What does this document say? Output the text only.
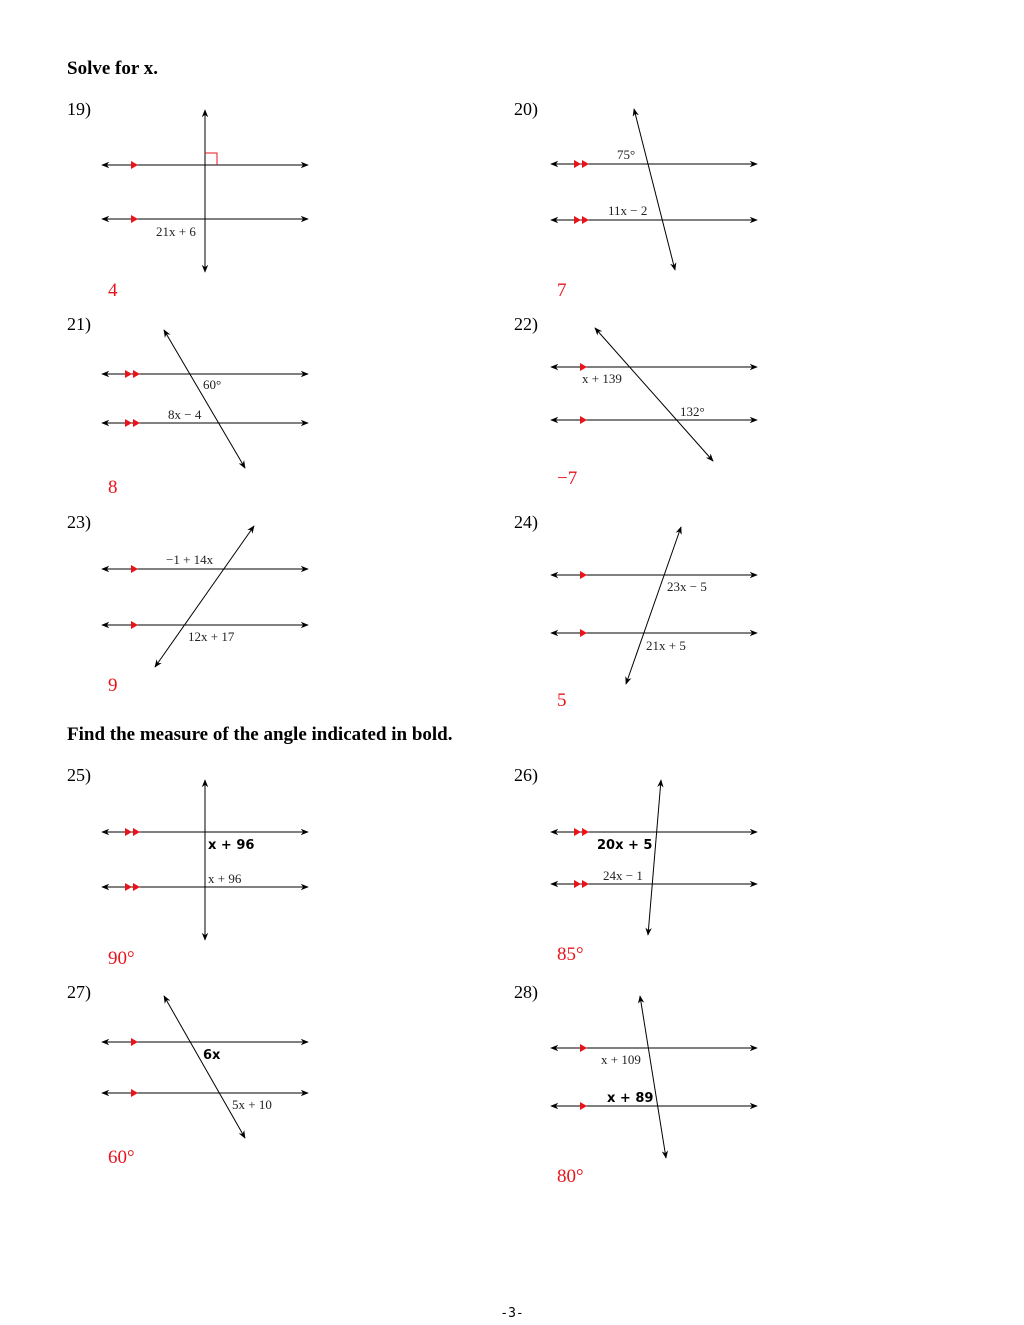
Solve for x.
Find the measure of the angle indicated in bold.
19)
21x + 6
4
20)
75°
11x − 2
7
21)
60°
8x − 4
8
22)
x + 139
132°
−7
23)
−1 + 14x
12x + 17
9
24)
23x − 5
21x + 5
5
25)
x + 96
x + 96
90°
26)
20x + 5
24x − 1
85°
27)
6x
5x + 10
60°
28)
x + 109
x + 89
80°
-3-
